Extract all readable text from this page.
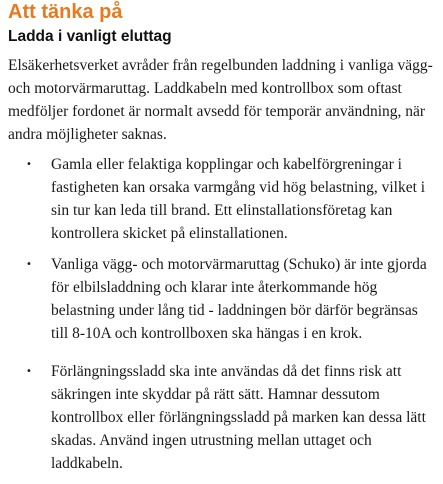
Att tänka på
Ladda i vanligt eluttag

Elsäkerhetsverket avråder från regelbunden laddning i vanliga vägg- och motorvärmaruttag. Laddkabeln med kontrollbox som oftast medföljer fordonet är normalt avsedd för temporär användning, när andra möjligheter saknas.

• Gamla eller felaktiga kopplingar och kabelförgreningar i fastigheten kan orsaka varmgång vid hög belastning, vilket i sin tur kan leda till brand. Ett elinstallationsföretag kan kontrollera skicket på elinstallationen.

• Vanliga vägg- och motorvärmaruttag (Schuko) är inte gjorda för elbilsladdning och klarar inte återkommande hög belastning under lång tid - laddningen bör därför begränsas till 8-10A och kontrollboxen ska hängas i en krok.

• Förlängningssladd ska inte användas då det finns risk att säkringen inte skyddar på rätt sätt. Hamnar dessutom kontrollbox eller förlängningssladd på marken kan dessa lätt skadas. Använd ingen utrustning mellan uttaget och laddkabeln.
